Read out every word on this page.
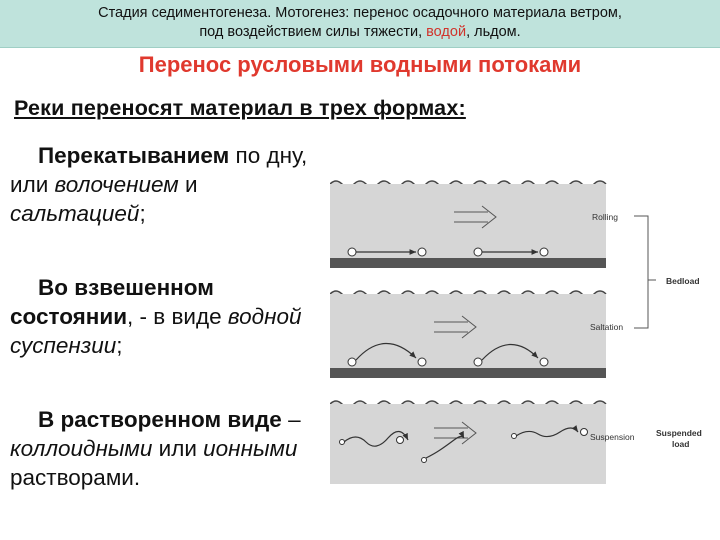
Стадия седиментогенеза. Мотогенез: перенос осадочного материала ветром,
под воздействием силы тяжести, водой, льдом.
Перенос русловыми водными потоками
Реки переносят материал в трех формах:
Перекатыванием по дну, или волочением и сальтацией;
Во взвешенном состоянии, - в виде водной суспензии;
В растворенном виде – коллоидными или ионными растворами.
Rolling
Saltation
Suspension
Bedload
Suspended
load
